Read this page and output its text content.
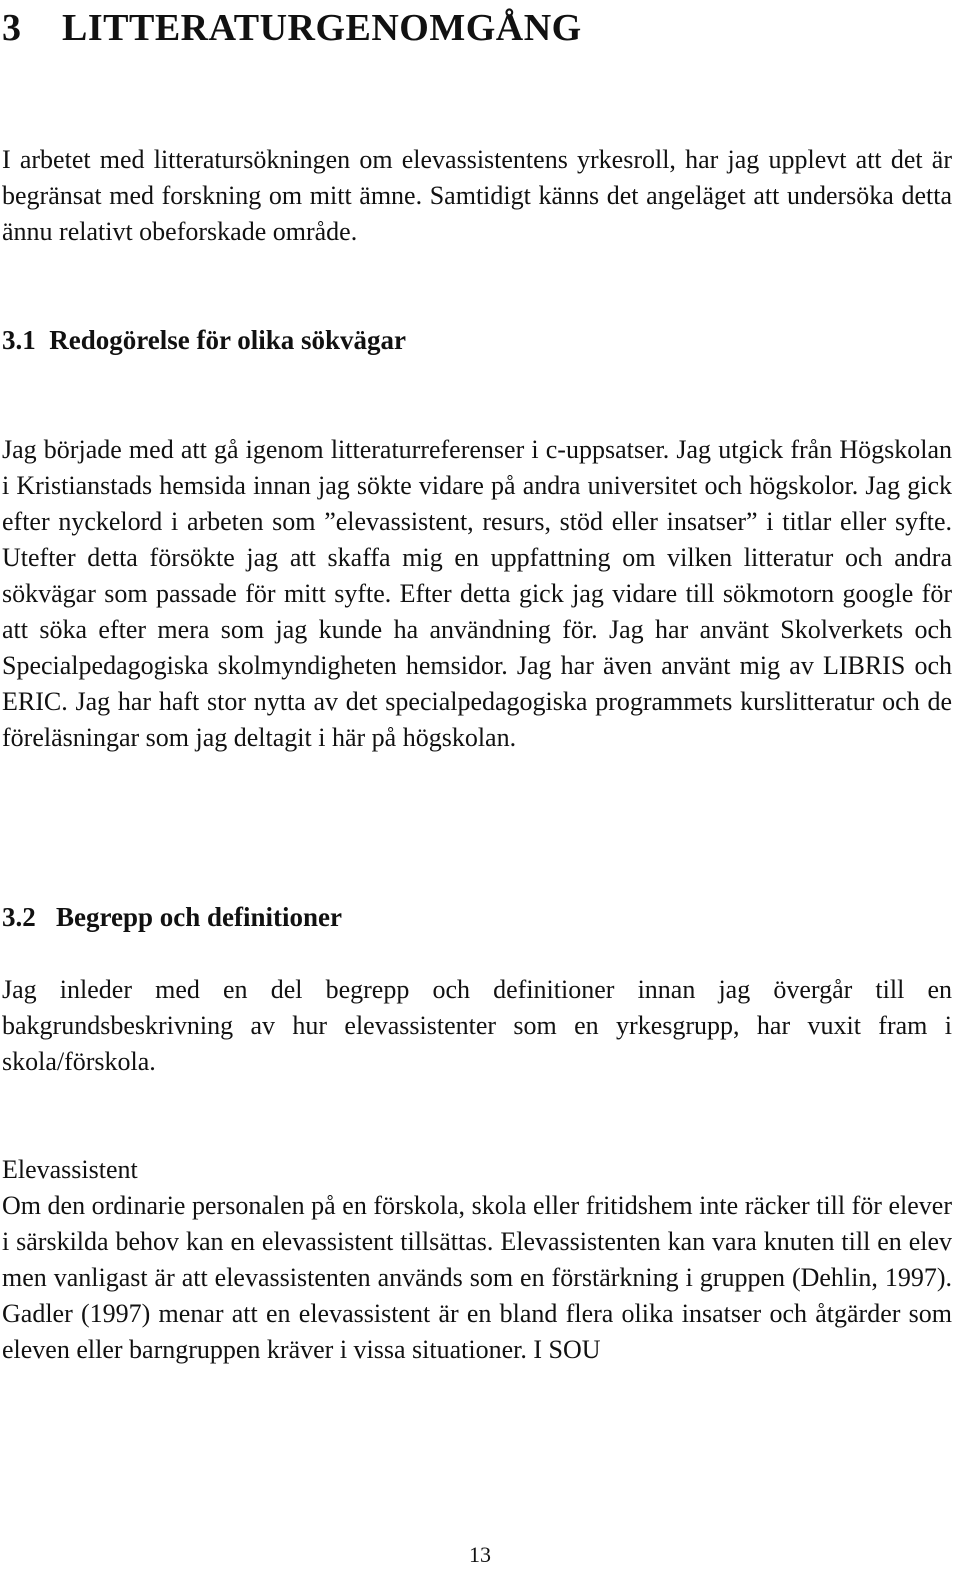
3 LITTERATURGENOMGÅNG

I arbetet med litteratursökningen om elevassistentens yrkesroll, har jag upplevt att det är begränsat med forskning om mitt ämne. Samtidigt känns det angeläget att undersöka detta ännu relativt obeforskade område.

3.1  Redogörelse för olika sökvägar

Jag började med att gå igenom litteraturreferenser i c-uppsatser. Jag utgick från Högskolan i Kristianstads hemsida innan jag sökte vidare på andra universitet och högskolor. Jag gick efter nyckelord i arbeten som ”elevassistent, resurs, stöd eller insatser” i titlar eller syfte. Utefter detta försökte jag att skaffa mig en uppfattning om vilken litteratur och andra sökvägar som passade för mitt syfte. Efter detta gick jag vidare till sökmotorn google för att söka efter mera som jag kunde ha användning för. Jag har använt Skolverkets och Specialpedagogiska skolmyndigheten hemsidor. Jag har även använt mig av LIBRIS och ERIC. Jag har haft stor nytta av det specialpedagogiska programmets kurslitteratur och de föreläsningar som jag deltagit i här på högskolan.

3.2   Begrepp och definitioner

Jag inleder med en del begrepp och definitioner innan jag övergår till en bakgrundsbeskrivning av hur elevassistenter som en yrkesgrupp, har vuxit fram i skola/förskola.

Elevassistent

Om den ordinarie personalen på en förskola, skola eller fritidshem inte räcker till för elever i särskilda behov kan en elevassistent tillsättas. Elevassistenten kan vara knuten till en elev men vanligast är att elevassistenten används som en förstärkning i gruppen (Dehlin, 1997). Gadler (1997) menar att en elevassistent är en bland flera olika insatser och åtgärder som eleven eller barngruppen kräver i vissa situationer. I SOU

13
